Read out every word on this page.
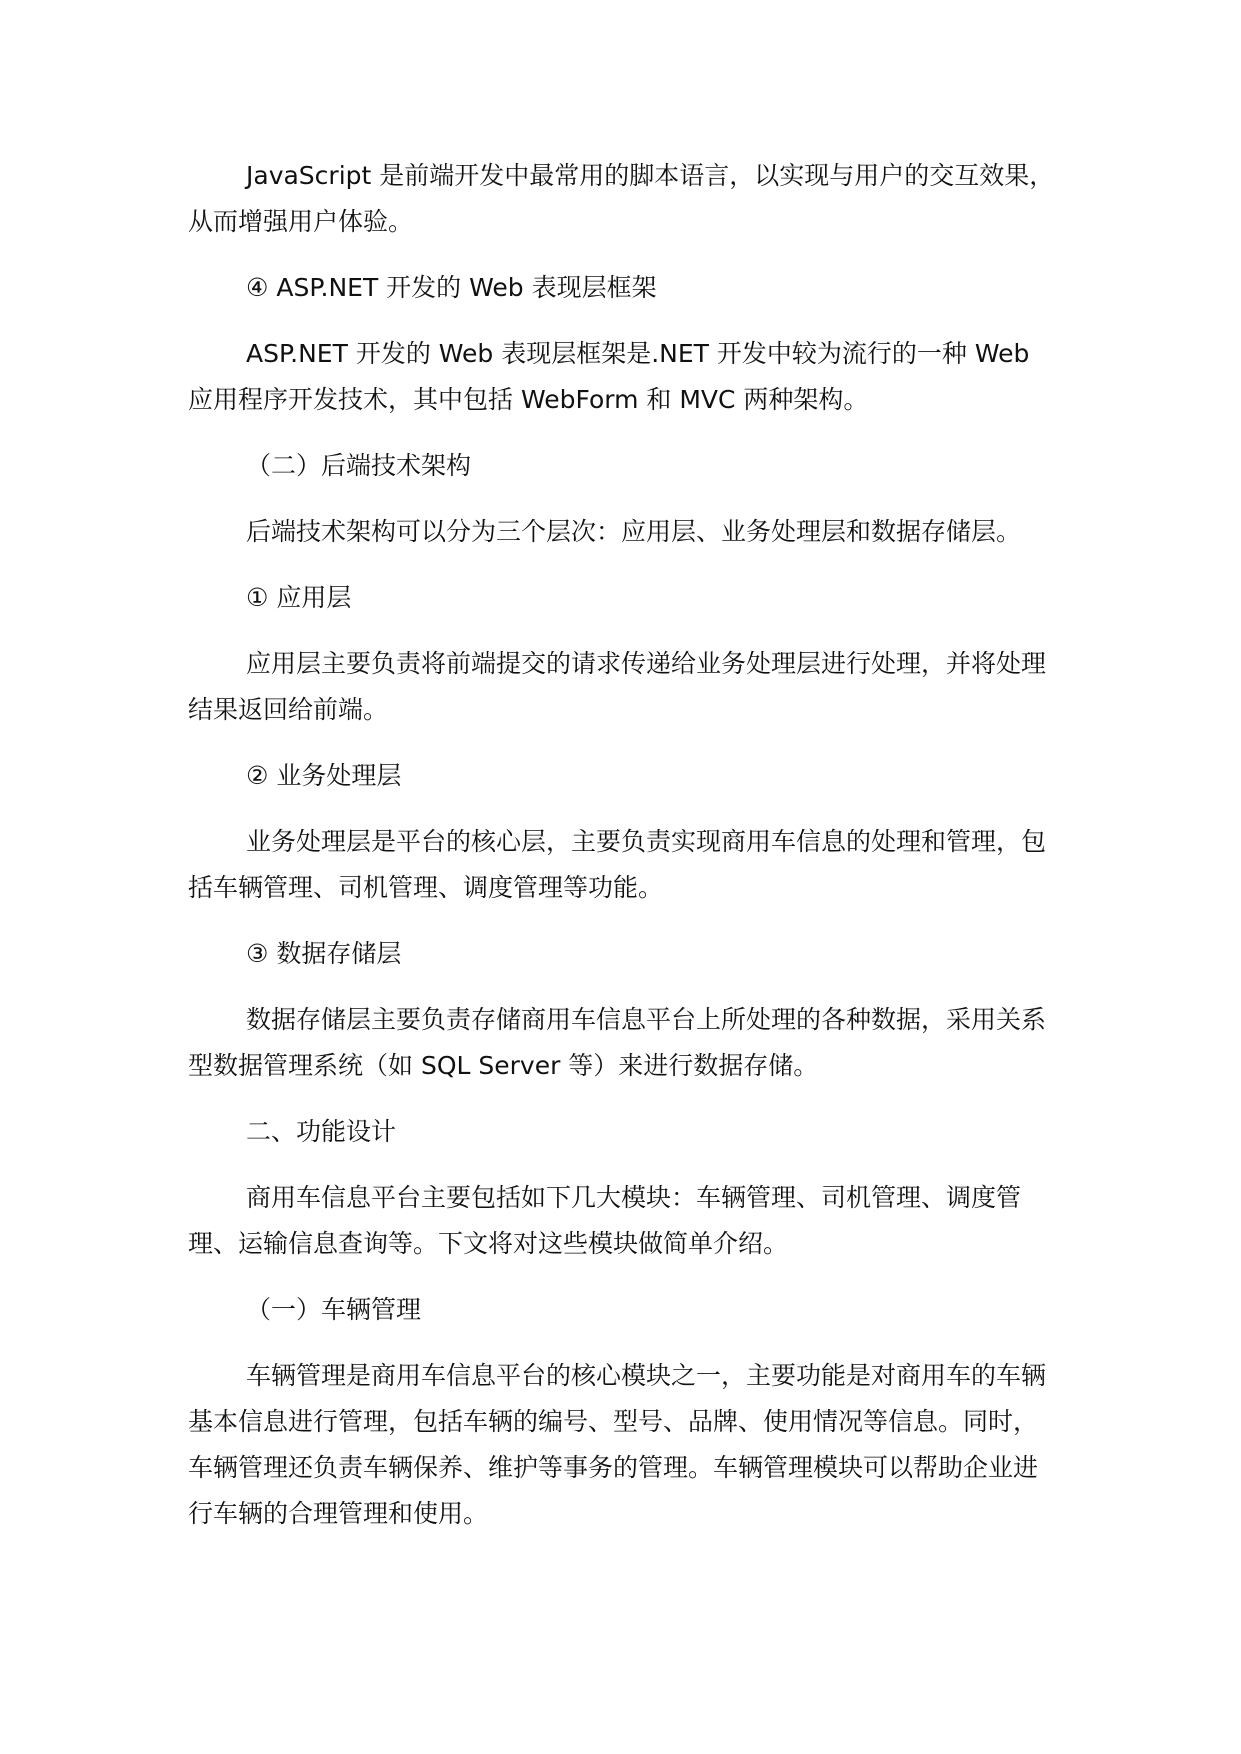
JavaScript 是前端开发中最常用的脚本语言，以实现与用户的交互效果，从而增强用户体验。

④ ASP.NET 开发的 Web 表现层框架

ASP.NET 开发的 Web 表现层框架是.NET 开发中较为流行的一种 Web 应用程序开发技术，其中包括 WebForm 和 MVC 两种架构。

（二）后端技术架构

后端技术架构可以分为三个层次：应用层、业务处理层和数据存储层。

① 应用层

应用层主要负责将前端提交的请求传递给业务处理层进行处理，并将处理结果返回给前端。

② 业务处理层

业务处理层是平台的核心层，主要负责实现商用车信息的处理和管理，包括车辆管理、司机管理、调度管理等功能。

③ 数据存储层

数据存储层主要负责存储商用车信息平台上所处理的各种数据，采用关系型数据管理系统（如 SQL Server 等）来进行数据存储。

二、功能设计

商用车信息平台主要包括如下几大模块：车辆管理、司机管理、调度管理、运输信息查询等。下文将对这些模块做简单介绍。

（一）车辆管理

车辆管理是商用车信息平台的核心模块之一，主要功能是对商用车的车辆基本信息进行管理，包括车辆的编号、型号、品牌、使用情况等信息。同时，车辆管理还负责车辆保养、维护等事务的管理。车辆管理模块可以帮助企业进行车辆的合理管理和使用。
